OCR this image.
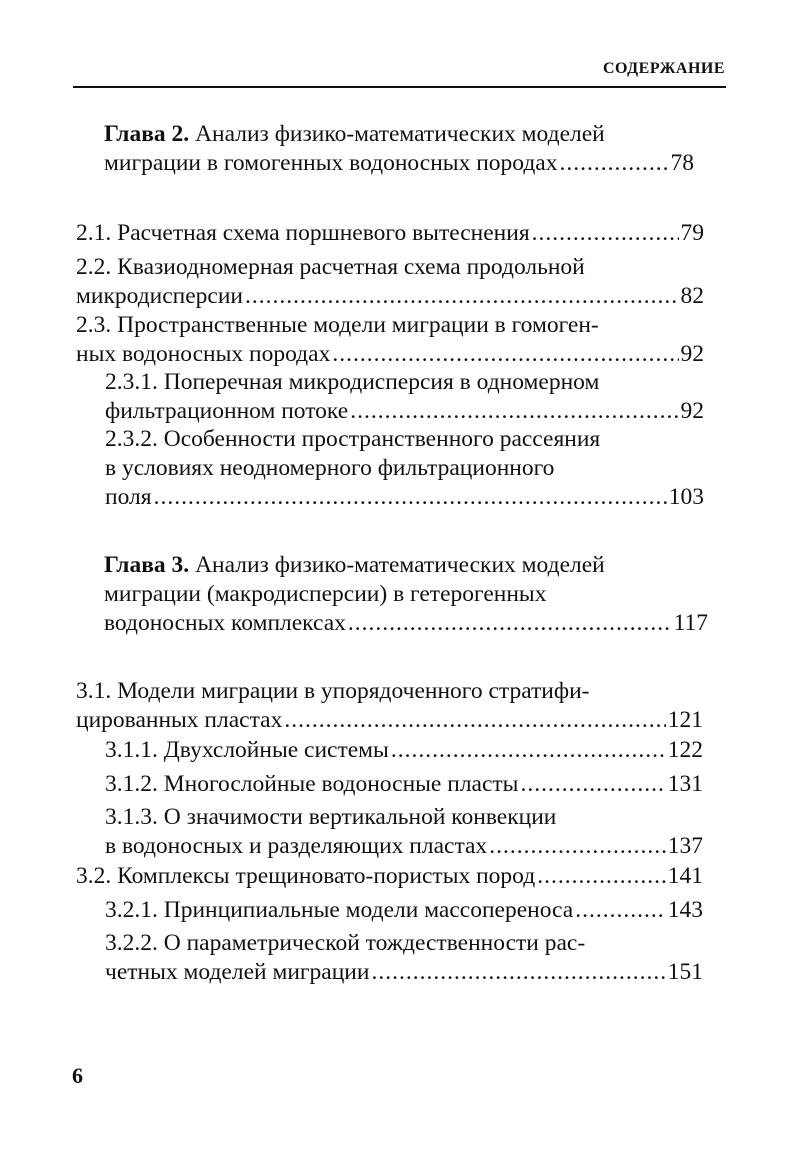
СОДЕРЖАНИЕ
Глава 2. Анализ физико-математических моделей
миграции в гомогенных водоносных породах .....	78
2.1. Расчетная схема поршневого вытеснения .....	79
2.2. Квазиодномерная расчетная схема продольной
микродисперсии .....	82
2.3. Пространственные модели миграции в гомоген-
ных водоносных породах .....	92
2.3.1. Поперечная микродисперсия в одномерном
фильтрационном потоке .....	92
2.3.2. Особенности пространственного рассеяния
в условиях неодномерного фильтрационного
поля .....	103
Глава 3. Анализ физико-математических моделей
миграции (макродисперсии) в гетерогенных
водоносных комплексах .....	117
3.1. Модели миграции в упорядоченного стратифи-
цированных пластах .....	121
3.1.1. Двухслойные системы .....	122
3.1.2. Многослойные водоносные пласты .....	131
3.1.3. О значимости вертикальной конвекции
в водоносных и разделяющих пластах .....	137
3.2. Комплексы трещиновато-пористых пород .....	141
3.2.1. Принципиальные модели массопереноса .....	143
3.2.2. О параметрической тождественности рас-
четных моделей миграции .....	151
6
